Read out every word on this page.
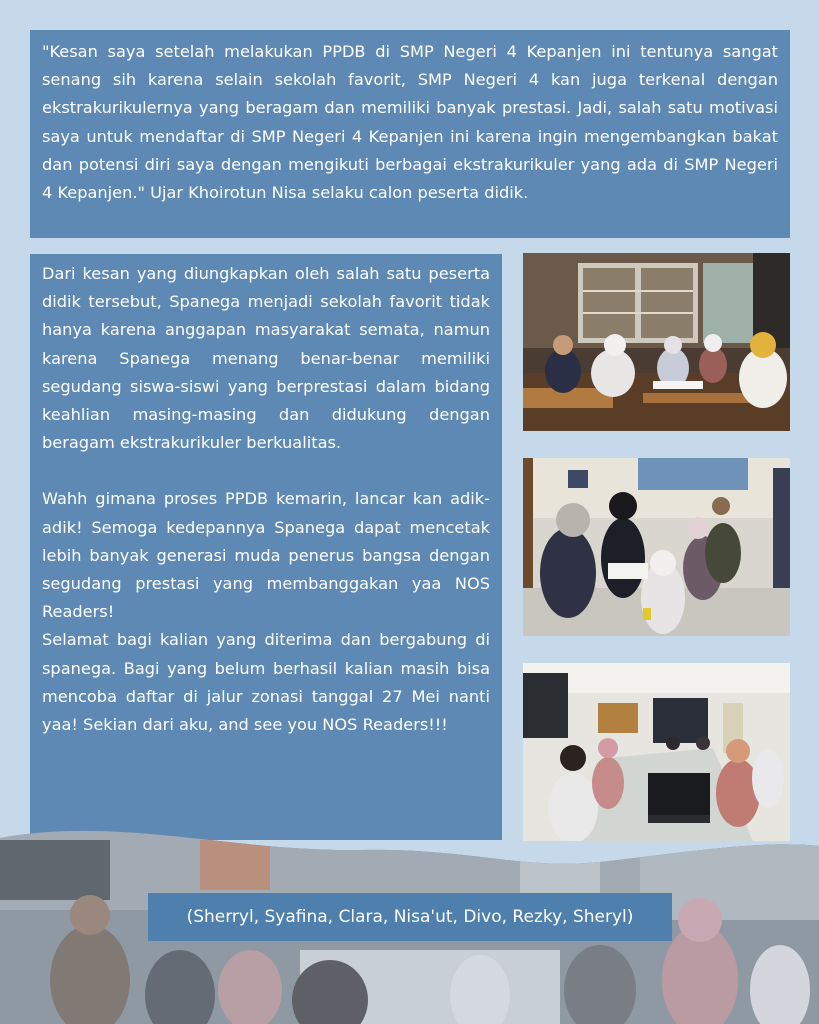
"Kesan saya setelah melakukan PPDB di SMP Negeri 4 Kepanjen ini tentunya sangat senang sih karena selain sekolah favorit, SMP Negeri 4 kan juga terkenal dengan ekstrakurikulernya yang beragam dan memiliki banyak prestasi. Jadi, salah satu motivasi saya untuk mendaftar di SMP Negeri 4 Kepanjen ini karena ingin mengembangkan bakat dan potensi diri saya dengan mengikuti berbagai ekstrakurikuler yang ada di SMP Negeri 4 Kepanjen." Ujar Khoirotun Nisa selaku calon peserta didik.

Dari kesan yang diungkapkan oleh salah satu peserta didik tersebut, Spanega menjadi sekolah favorit tidak hanya karena anggapan masyarakat semata, namun karena Spanega menang benar-benar memiliki segudang siswa-siswi yang berprestasi dalam bidang keahlian masing-masing dan didukung dengan beragam ekstrakurikuler berkualitas.

Wahh gimana proses PPDB kemarin, lancar kan adik-adik! Semoga kedepannya Spanega dapat mencetak lebih banyak generasi muda penerus bangsa dengan segudang prestasi yang membanggakan yaa NOS Readers!

Selamat bagi kalian yang diterima dan bergabung di spanega. Bagi yang belum berhasil kalian masih bisa mencoba daftar di jalur zonasi tanggal 27 Mei nanti yaa! Sekian dari aku, and see you NOS Readers!!!

(Sherryl, Syafina, Clara, Nisa'ut, Divo, Rezky, Sheryl)
